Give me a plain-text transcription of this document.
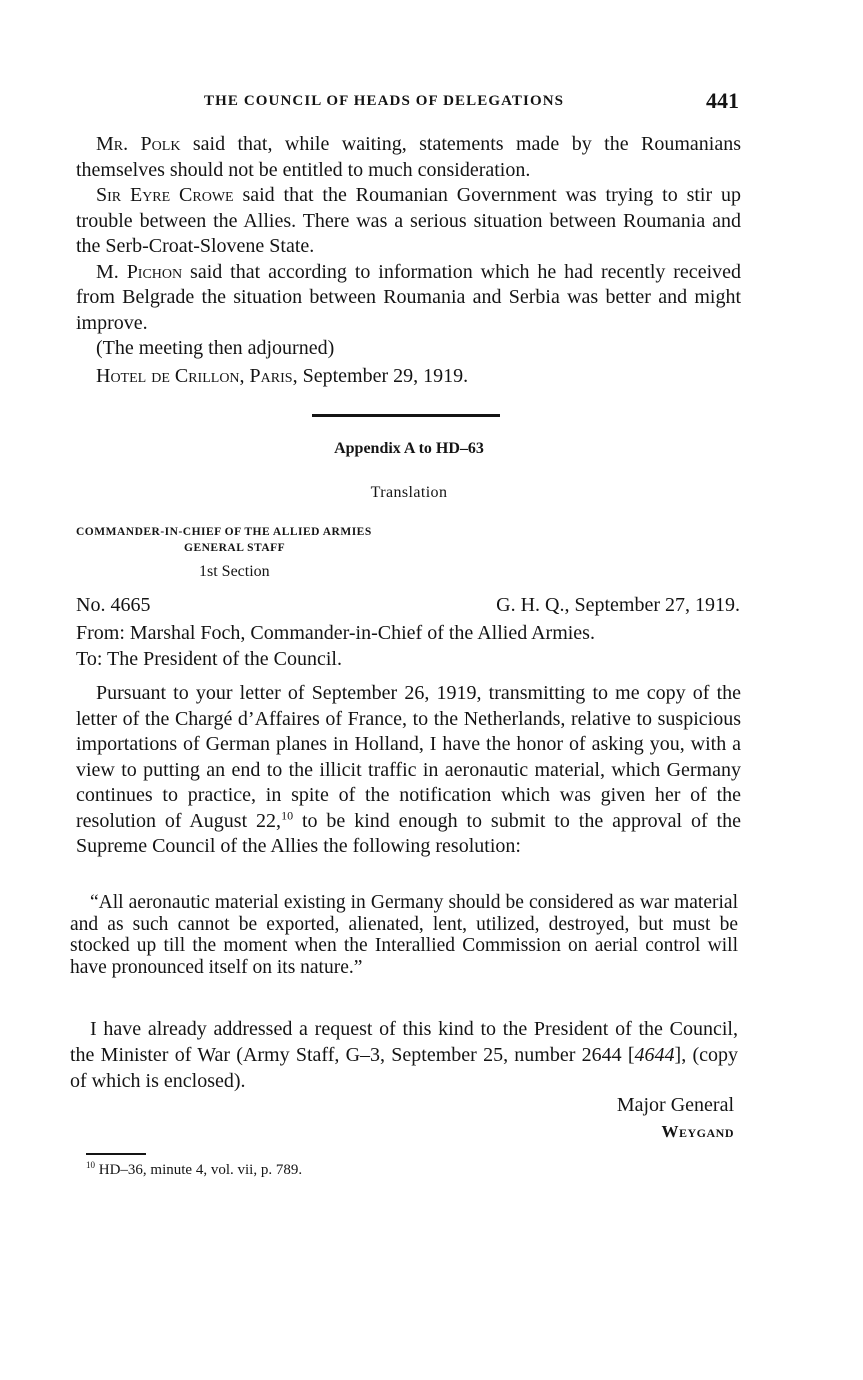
THE COUNCIL OF HEADS OF DELEGATIONS	441

Mr. Polk said that, while waiting, statements made by the Roumanians themselves should not be entitled to much consideration.

Sir Eyre Crowe said that the Roumanian Government was trying to stir up trouble between the Allies. There was a serious situation between Roumania and the Serb-Croat-Slovene State.

M. Pichon said that according to information which he had recently received from Belgrade the situation between Roumania and Serbia was better and might improve.

(The meeting then adjourned)

Hotel de Crillon, Paris, September 29, 1919.

Appendix A to HD–63
Translation
COMMANDER-IN-CHIEF OF THE ALLIED ARMIES
GENERAL STAFF
1st Section
No. 4665	G. H. Q., September 27, 1919.
From: Marshal Foch, Commander-in-Chief of the Allied Armies.
To: The President of the Council.

Pursuant to your letter of September 26, 1919, transmitting to me copy of the letter of the Chargé d’Affaires of France, to the Netherlands, relative to suspicious importations of German planes in Holland, I have the honor of asking you, with a view to putting an end to the illicit traffic in aeronautic material, which Germany continues to practice, in spite of the notification which was given her of the resolution of August 22,10 to be kind enough to submit to the approval of the Supreme Council of the Allies the following resolution:

“All aeronautic material existing in Germany should be considered as war material and as such cannot be exported, alienated, lent, utilized, destroyed, but must be stocked up till the moment when the Interallied Commission on aerial control will have pronounced itself on its nature.”

I have already addressed a request of this kind to the President of the Council, the Minister of War (Army Staff, G–3, September 25, number 2644 [4644], (copy of which is enclosed).

Major General
Weygand
$^{10}$ HD–36, minute 4, vol. vii, p. 789.
